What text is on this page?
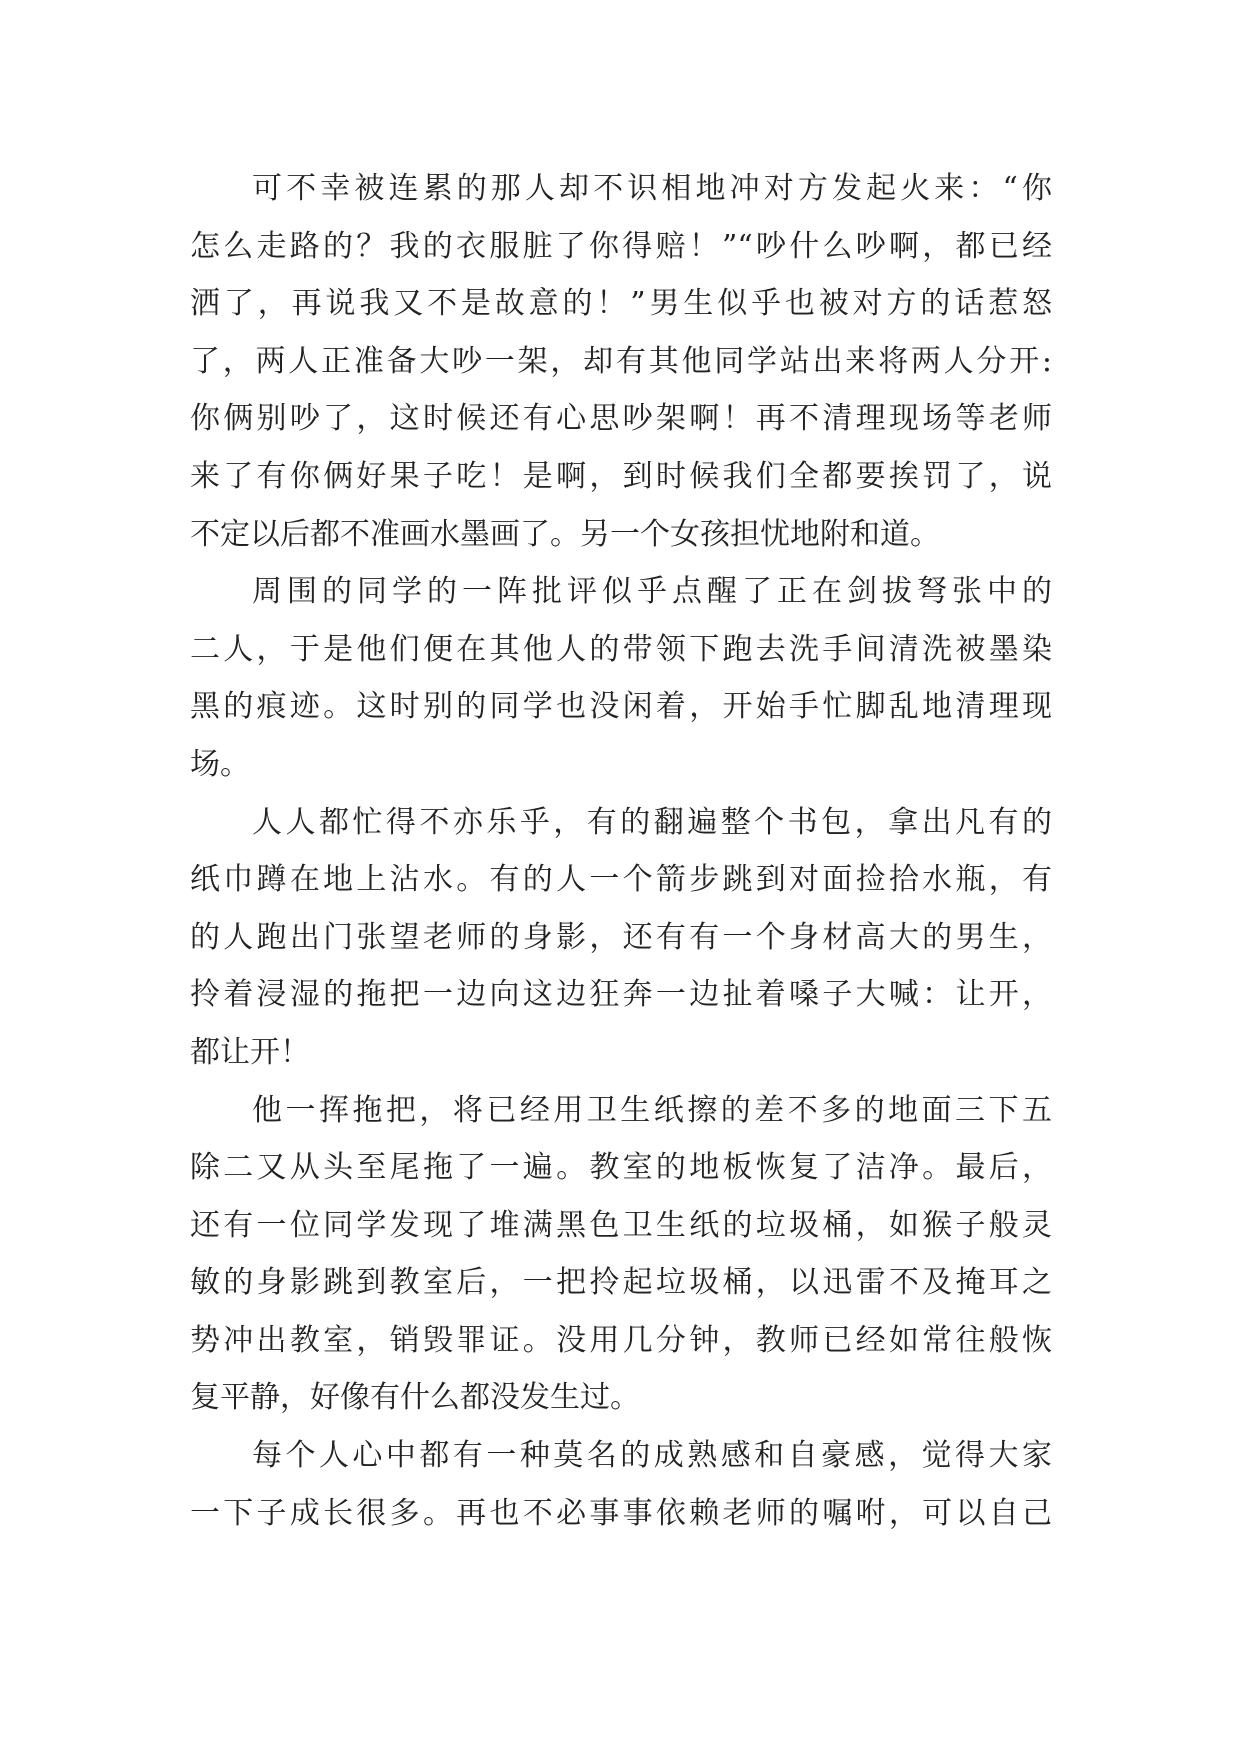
可不幸被连累的那人却不识相地冲对方发起火来：“你
怎么走路的？我的衣服脏了你得赔！”“吵什么吵啊，都已经
洒了，再说我又不是故意的！”男生似乎也被对方的话惹怒
了，两人正准备大吵一架，却有其他同学站出来将两人分开:
你俩别吵了，这时候还有心思吵架啊！再不清理现场等老师
来了有你俩好果子吃！是啊，到时候我们全都要挨罚了，说
不定以后都不准画水墨画了。另一个女孩担忧地附和道。
周围的同学的一阵批评似乎点醒了正在剑拔弩张中的
二人，于是他们便在其他人的带领下跑去洗手间清洗被墨染
黑的痕迹。这时别的同学也没闲着，开始手忙脚乱地清理现
场。
人人都忙得不亦乐乎，有的翻遍整个书包，拿出凡有的
纸巾蹲在地上沾水。有的人一个箭步跳到对面捡拾水瓶，有
的人跑出门张望老师的身影，还有有一个身材高大的男生，
拎着浸湿的拖把一边向这边狂奔一边扯着嗓子大喊：让开，
都让开！
他一挥拖把，将已经用卫生纸擦的差不多的地面三下五
除二又从头至尾拖了一遍。教室的地板恢复了洁净。最后，
还有一位同学发现了堆满黑色卫生纸的垃圾桶，如猴子般灵
敏的身影跳到教室后，一把拎起垃圾桶，以迅雷不及掩耳之
势冲出教室，销毁罪证。没用几分钟，教师已经如常往般恢
复平静，好像有什么都没发生过。
每个人心中都有一种莫名的成熟感和自豪感，觉得大家
一下子成长很多。再也不必事事依赖老师的嘱咐，可以自己
